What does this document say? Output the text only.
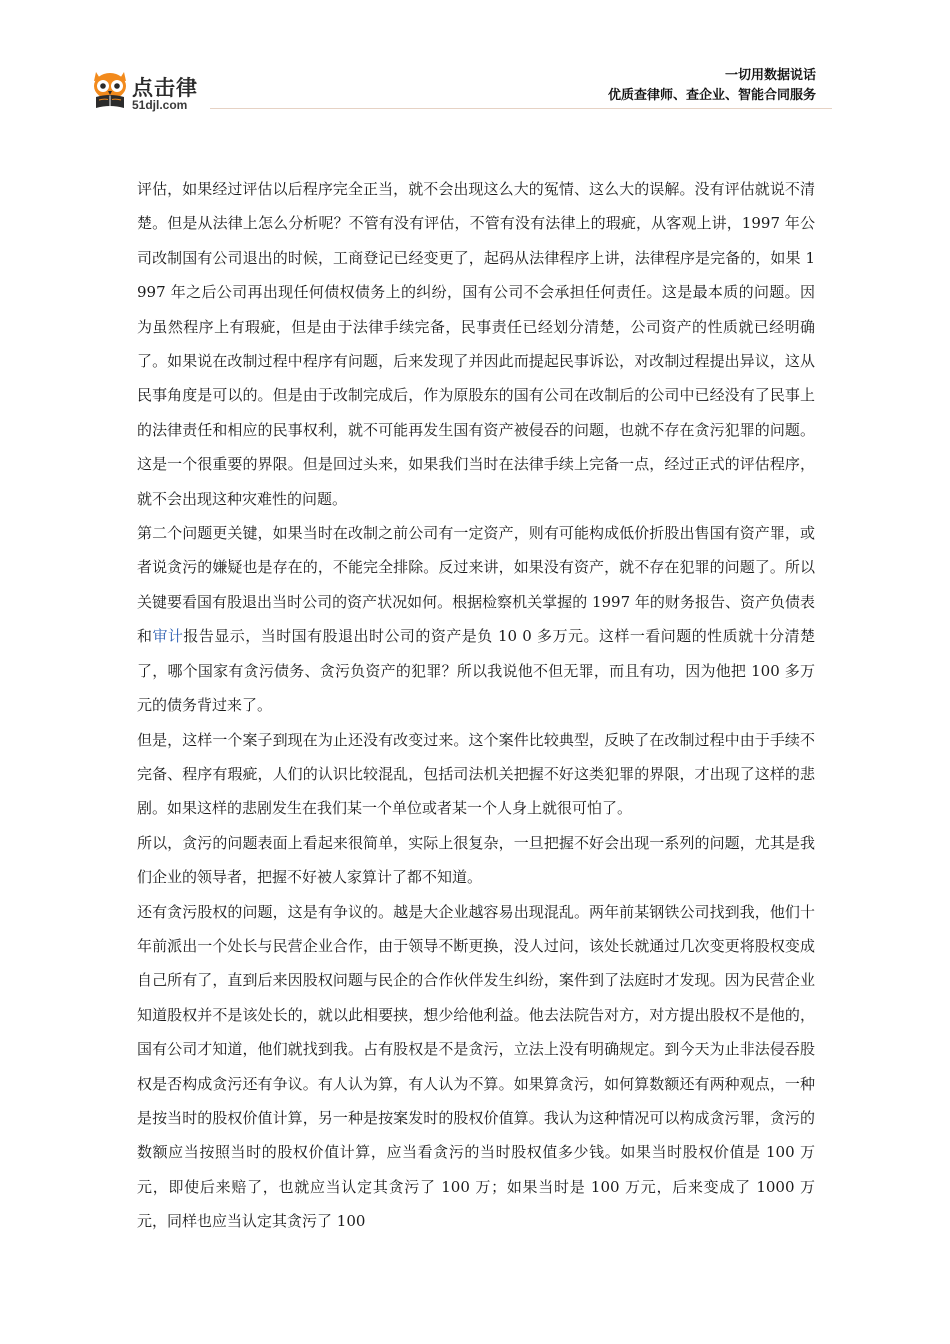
点击律
51djl.com
一切用数据说话
优质查律师、查企业、智能合同服务

评估，如果经过评估以后程序完全正当，就不会出现这么大的冤情、这么大的误解。没有评估就说不清楚。但是从法律上怎么分析呢？不管有没有评估，不管有没有法律上的瑕疵，从客观上讲，1997 年公司改制国有公司退出的时候，工商登记已经变更了，起码从法律程序上讲，法律程序是完备的，如果 1997 年之后公司再出现任何债权债务上的纠纷，国有公司不会承担任何责任。这是最本质的问题。因为虽然程序上有瑕疵，但是由于法律手续完备，民事责任已经划分清楚，公司资产的性质就已经明确了。如果说在改制过程中程序有问题，后来发现了并因此而提起民事诉讼，对改制过程提出异议，这从民事角度是可以的。但是由于改制完成后，作为原股东的国有公司在改制后的公司中已经没有了民事上的法律责任和相应的民事权利，就不可能再发生国有资产被侵吞的问题，也就不存在贪污犯罪的问题。这是一个很重要的界限。但是回过头来，如果我们当时在法律手续上完备一点，经过正式的评估程序，就不会出现这种灾难性的问题。

第二个问题更关键，如果当时在改制之前公司有一定资产，则有可能构成低价折股出售国有资产罪，或者说贪污的嫌疑也是存在的，不能完全排除。反过来讲，如果没有资产，就不存在犯罪的问题了。所以关键要看国有股退出当时公司的资产状况如何。根据检察机关掌握的 1997 年的财务报告、资产负债表和审计报告显示，当时国有股退出时公司的资产是负 10 0 多万元。这样一看问题的性质就十分清楚了，哪个国家有贪污债务、贪污负资产的犯罪？所以我说他不但无罪，而且有功，因为他把 100 多万元的债务背过来了。

但是，这样一个案子到现在为止还没有改变过来。这个案件比较典型，反映了在改制过程中由于手续不完备、程序有瑕疵，人们的认识比较混乱，包括司法机关把握不好这类犯罪的界限，才出现了这样的悲剧。如果这样的悲剧发生在我们某一个单位或者某一个人身上就很可怕了。

所以，贪污的问题表面上看起来很简单，实际上很复杂，一旦把握不好会出现一系列的问题，尤其是我们企业的领导者，把握不好被人家算计了都不知道。

还有贪污股权的问题，这是有争议的。越是大企业越容易出现混乱。两年前某钢铁公司找到我，他们十年前派出一个处长与民营企业合作，由于领导不断更换，没人过问，该处长就通过几次变更将股权变成自己所有了，直到后来因股权问题与民企的合作伙伴发生纠纷，案件到了法庭时才发现。因为民营企业知道股权并不是该处长的，就以此相要挟，想少给他利益。他去法院告对方，对方提出股权不是他的，国有公司才知道，他们就找到我。占有股权是不是贪污，立法上没有明确规定。到今天为止非法侵吞股权是否构成贪污还有争议。有人认为算，有人认为不算。如果算贪污，如何算数额还有两种观点，一种是按当时的股权价值计算，另一种是按案发时的股权价值算。我认为这种情况可以构成贪污罪，贪污的数额应当按照当时的股权价值计算，应当看贪污的当时股权值多少钱。如果当时股权价值是 100 万元，即使后来赔了，也就应当认定其贪污了 100 万；如果当时是 100 万元，后来变成了 1000 万元，同样也应当认定其贪污了 100
